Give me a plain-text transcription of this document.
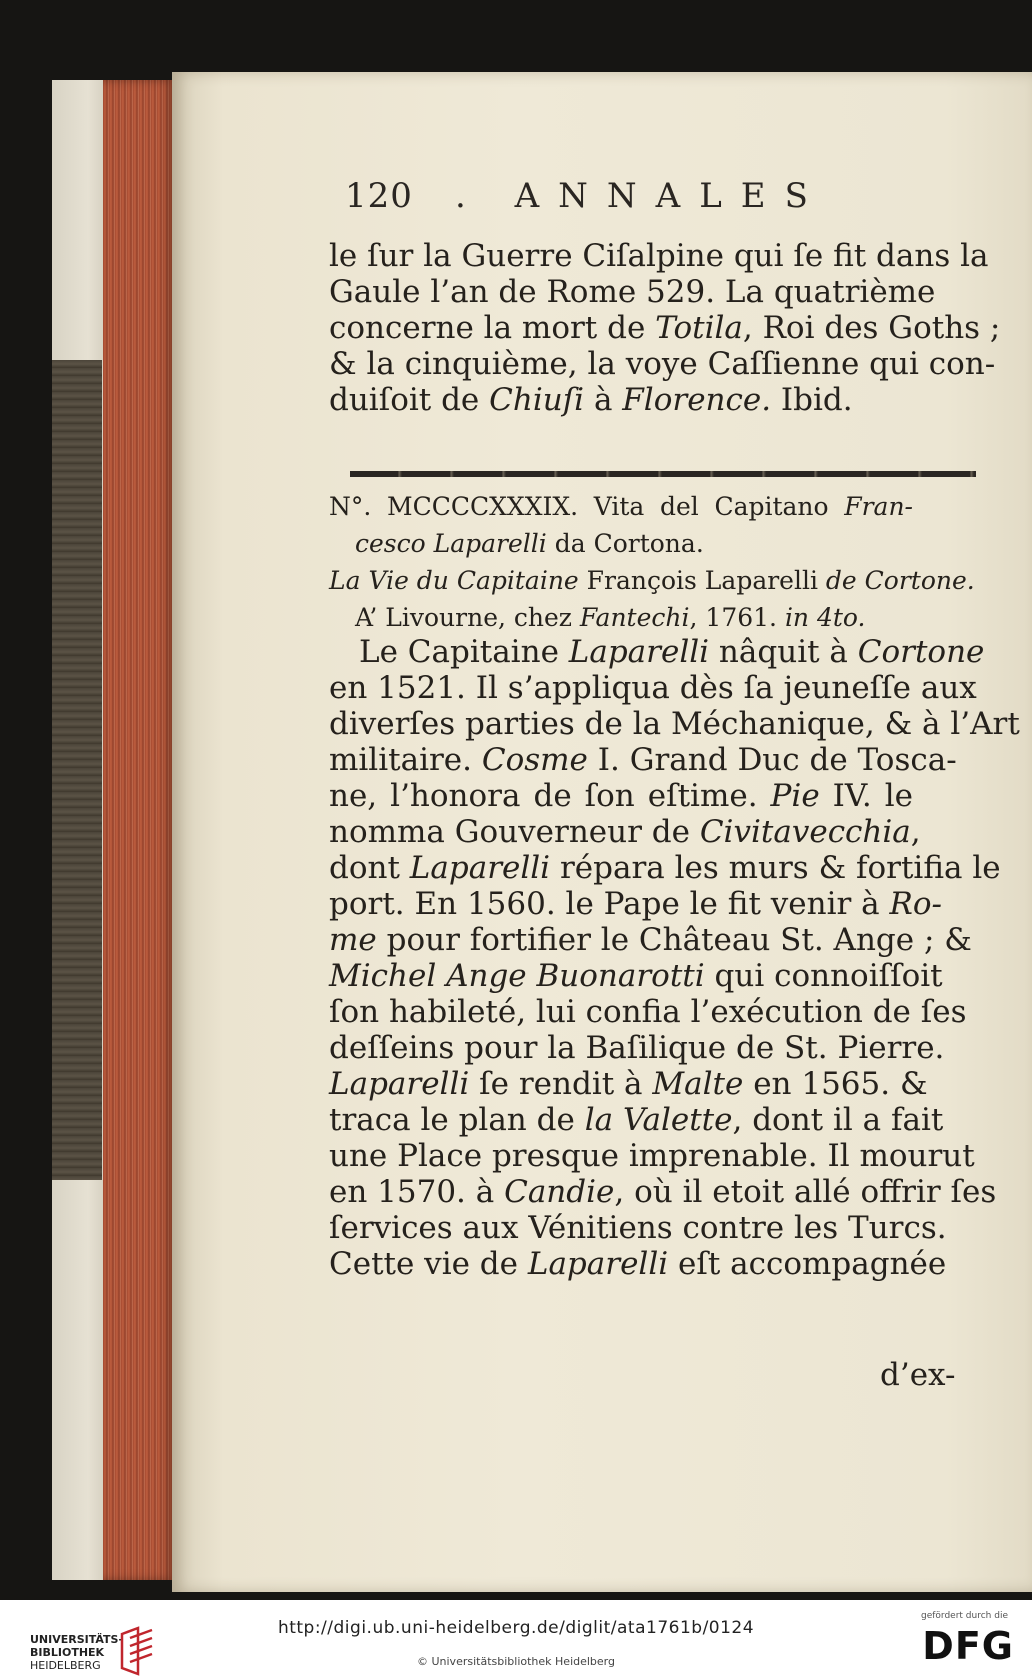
120 . ANNALES
le ſur la Guerre Ciſalpine qui ſe fit dans la
Gaule l’an de Rome 529. La quatrième
concerne la mort de Totila, Roi des Goths ;
& la cinquième, la voye Caſſienne qui con-
duiſoit de Chiuſi à Florence. Ibid.
N°. MCCCCXXXIX. Vita del Capitano Fran-
cesco Laparelli da Cortona.
La Vie du Capitaine François Laparelli de Cortone.
A’ Livourne, chez Fantechi, 1761. in 4to.
Le Capitaine Laparelli nâquit à Cortone
en 1521. Il s’appliqua dès ſa jeuneſſe aux
diverſes parties de la Méchanique, & à l’Art
militaire. Cosme I. Grand Duc de Tosca-
ne, l’honora de ſon eſtime. Pie IV. le
nomma Gouverneur de Civitavecchia,
dont Laparelli répara les murs & fortifia le
port. En 1560. le Pape le fit venir à Ro-
me pour fortifier le Château St. Ange ; &
Michel Ange Buonarotti qui connoiſſoit
ſon habileté, lui confia l’exécution de ſes
deſſeins pour la Baſilique de St. Pierre.
Laparelli ſe rendit à Malte en 1565. &
traca le plan de la Valette, dont il a fait
une Place presque imprenable. Il mourut
en 1570. à Candie, où il etoit allé offrir ſes
ſervices aux Vénitiens contre les Turcs.
Cette vie de Laparelli eſt accompagnée
d’ex-
UNIVERSITÄTS-
BIBLIOTHEK
HEIDELBERG
http://digi.ub.uni-heidelberg.de/diglit/ata1761b/0124
© Universitätsbibliothek Heidelberg
gefördert durch die
DFG
